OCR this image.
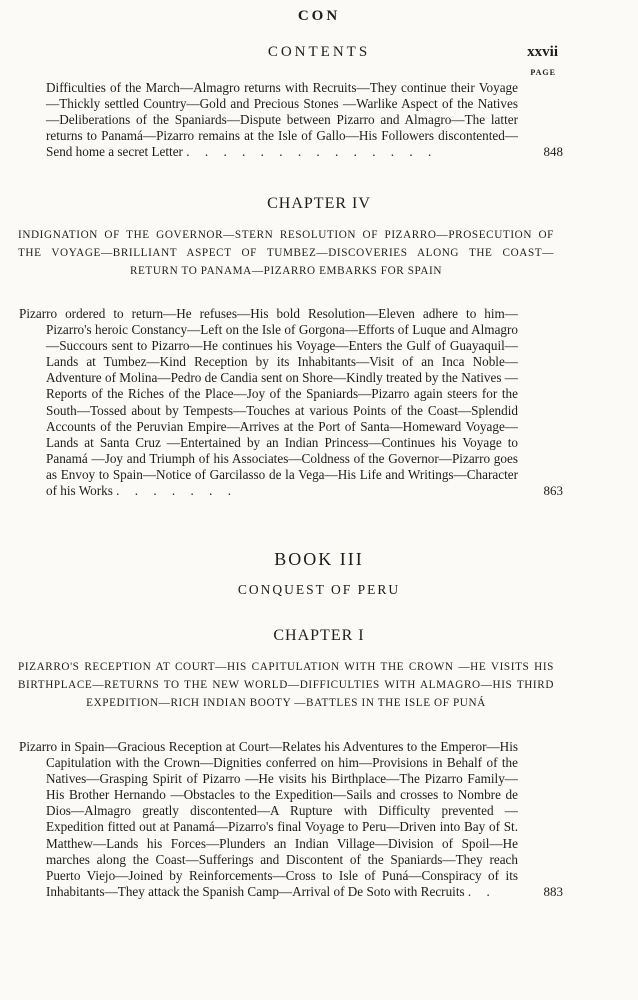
CON
CONTENTS	xxvii
PAGE
Difficulties of the March—Almagro returns with Recruits—They continue their Voyage—Thickly settled Country—Gold and Precious Stones —Warlike Aspect of the Natives—Deliberations of the Spaniards—Dispute between Pizarro and Almagro—The latter returns to Panamá—Pizarro remains at the Isle of Gallo—His Followers discontented—Send home a secret Letter . . . . . . . . . . . . . .	848
CHAPTER IV
INDIGNATION OF THE GOVERNOR—STERN RESOLUTION OF PIZARRO—PROSECUTION OF THE VOYAGE—BRILLIANT ASPECT OF TUMBEZ—DISCOVERIES ALONG THE COAST—RETURN TO PANAMA—PIZARRO EMBARKS FOR SPAIN
Pizarro ordered to return—He refuses—His bold Resolution—Eleven adhere to him—Pizarro's heroic Constancy—Left on the Isle of Gorgona—Efforts of Luque and Almagro—Succours sent to Pizarro—He continues his Voyage—Enters the Gulf of Guayaquil—Lands at Tumbez—Kind Reception by its Inhabitants—Visit of an Inca Noble—Adventure of Molina—Pedro de Candia sent on Shore—Kindly treated by the Natives —Reports of the Riches of the Place—Joy of the Spaniards—Pizarro again steers for the South—Tossed about by Tempests—Touches at various Points of the Coast—Splendid Accounts of the Peruvian Empire—Arrives at the Port of Santa—Homeward Voyage—Lands at Santa Cruz —Entertained by an Indian Princess—Continues his Voyage to Panamá —Joy and Triumph of his Associates—Coldness of the Governor—Pizarro goes as Envoy to Spain—Notice of Garcilasso de la Vega—His Life and Writings—Character of his Works . . . . . . .	863
BOOK III
CONQUEST OF PERU
CHAPTER I
PIZARRO'S RECEPTION AT COURT—HIS CAPITULATION WITH THE CROWN —HE VISITS HIS BIRTHPLACE—RETURNS TO THE NEW WORLD—DIFFICULTIES WITH ALMAGRO—HIS THIRD EXPEDITION—RICH INDIAN BOOTY —BATTLES IN THE ISLE OF PUNÁ
Pizarro in Spain—Gracious Reception at Court—Relates his Adventures to the Emperor—His Capitulation with the Crown—Dignities conferred on him—Provisions in Behalf of the Natives—Grasping Spirit of Pizarro —He visits his Birthplace—The Pizarro Family—His Brother Hernando —Obstacles to the Expedition—Sails and crosses to Nombre de Dios—Almagro greatly discontented—A Rupture with Difficulty prevented —Expedition fitted out at Panamá—Pizarro's final Voyage to Peru—Driven into Bay of St. Matthew—Lands his Forces—Plunders an Indian Village—Division of Spoil—He marches along the Coast—Sufferings and Discontent of the Spaniards—They reach Puerto Viejo—Joined by Reinforcements—Cross to Isle of Puná—Conspiracy of its Inhabitants—They attack the Spanish Camp—Arrival of De Soto with Recruits . .	883
